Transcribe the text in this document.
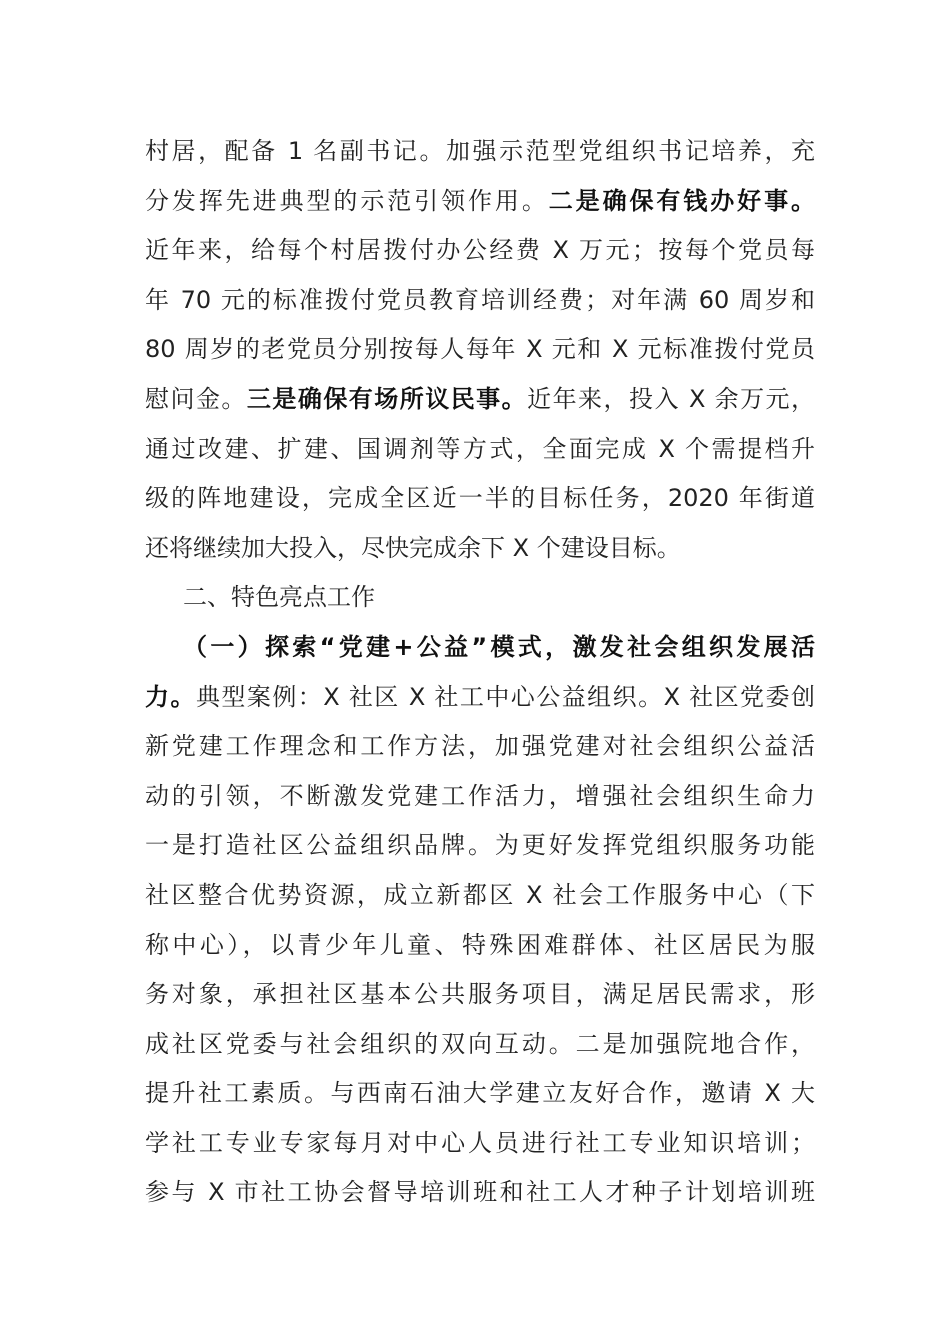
村居，配备 1 名副书记。加强示范型党组织书记培养，充
分发挥先进典型的示范引领作用。二是确保有钱办好事。
近年来，给每个村居拨付办公经费 X 万元；按每个党员每
年 70 元的标准拨付党员教育培训经费；对年满 60 周岁和
80 周岁的老党员分别按每人每年 X 元和 X 元标准拨付党员
慰问金。三是确保有场所议民事。近年来，投入 X 余万元，
通过改建、扩建、国调剂等方式，全面完成 X 个需提档升
级的阵地建设，完成全区近一半的目标任务，2020 年街道
还将继续加大投入，尽快完成余下 X 个建设目标。
二、特色亮点工作
（一）探索“党建+公益”模式，激发社会组织发展活
力。典型案例：X 社区 X 社工中心公益组织。X 社区党委创
新党建工作理念和工作方法，加强党建对社会组织公益活
动的引领，不断激发党建工作活力，增强社会组织生命力
一是打造社区公益组织品牌。为更好发挥党组织服务功能
社区整合优势资源，成立新都区 X 社会工作服务中心（下
称中心），以青少年儿童、特殊困难群体、社区居民为服
务对象，承担社区基本公共服务项目，满足居民需求，形
成社区党委与社会组织的双向互动。二是加强院地合作，
提升社工素质。与西南石油大学建立友好合作，邀请 X 大
学社工专业专家每月对中心人员进行社工专业知识培训；
参与 X 市社工协会督导培训班和社工人才种子计划培训班
